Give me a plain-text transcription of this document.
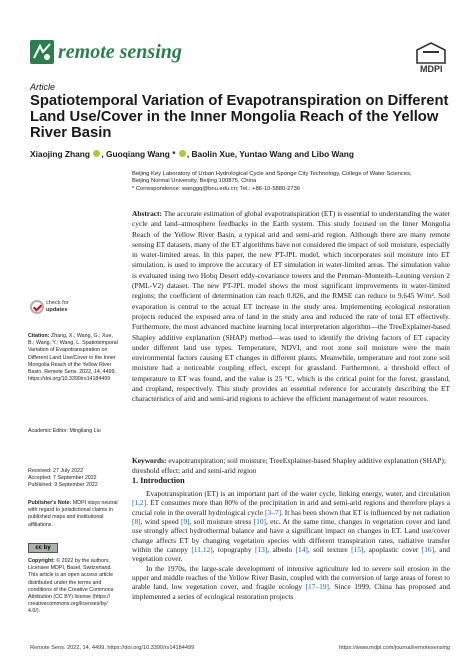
remote sensing
MDPI
Article
Spatiotemporal Variation of Evapotranspiration on Different Land Use/Cover in the Inner Mongolia Reach of the Yellow River Basin
Xiaojing Zhang , Guoqiang Wang * , Baolin Xue, Yuntao Wang and Libo Wang
Beijing Key Laboratory of Urban Hydrological Cycle and Sponge City Technology, College of Water Sciences,
Beijing Normal University, Beijing 100875, China
* Correspondence: wanggq@bnu.edu.cn; Tel.: +86-10-5880-2736
Abstract: The accurate estimation of global evapotranspiration (ET) is essential to understanding the water cycle and land–atmosphere feedbacks in the Earth system. This study focused on the Inner Mongolia Reach of the Yellow River Basin, a typical arid and semi-arid region. Although there are many remote sensing ET datasets, many of the ET algorithms have not considered the impact of soil moisture, especially in water-limited areas. In this paper, the new PT-JPL model, which incorporates soil moisture into ET simulation, is used to improve the accuracy of ET simulation in water-limited areas. The simulation value is evaluated using two Hobq Desert eddy-covariance towers and the Penman–Monteith–Leuning version 2 (PML-V2) dataset. The new PT-JPL model shows the most significant improvements in water-limited regions; the coefficient of determination can reach 0.826, and the RMSE can reduce to 9.645 W/m². Soil evaporation is central to the actual ET increase in the study area. Implementing ecological restoration projects reduced the exposed area of land in the study area and reduced the rate of total ET effectively. Furthermore, the most advanced machine learning local interpretation algorithm—the TreeExplainer-based Shapley additive explanation (SHAP) method—was used to identify the driving factors of ET capacity under different land use types. Temperature, NDVI, and root zone soil moisture were the main environmental factors causing ET changes in different plants. Meanwhile, temperature and root zone soil moisture had a noticeable coupling effect, except for grassland. Furthermore, a threshold effect of temperature to ET was found, and the value is 25 °C, which is the critical point for the forest, grassland, and cropland, respectively. This study provides an essential reference for accurately describing the ET characteristics of arid and semi-arid regions to achieve the efficient management of water resources.
Keywords: evapotranspiration; soil moisture; TreeExplainer-based Shapley additive explanation (SHAP); threshold effect; arid and semi-arid region
1. Introduction
Evapotranspiration (ET) is an important part of the water cycle, linking energy, water, and circulation [1,2]. ET consumes more than 80% of the precipitation in arid and semi-arid regions and therefore plays a crucial role in the overall hydrological cycle [3–7]. It has been shown that ET is influenced by net radiation [8], wind speed [9], soil moisture stress [10], etc. At the same time, changes in vegetation cover and land use strongly affect hydrothermal balance and have a significant impact on changes in ET. Land use/cover change affects ET by changing vegetation species with different transpiration rates, radiative transfer within the canopy [11,12], topography [13], albedo [14], soil texture [15], apoplastic cover [16], and vegetation cover.
In the 1970s, the large-scale development of intensive agriculture led to severe soil erosion in the upper and middle reaches of the Yellow River Basin, coupled with the conversion of large areas of forest to arable land, low vegetation cover, and fragile ecology [17–19]. Since 1999, China has proposed and implemented a series of ecological restoration projects
check for
updates
Citation: Zhang, X.; Wang, G.; Xue, B.; Wang, Y.; Wang, L. Spatiotemporal Variation of Evapotranspiration on Different Land Use/Cover in the Inner Mongolia Reach of the Yellow River Basin. Remote Sens. 2022, 14, 4499. https://doi.org/10.3390/rs14184499
Academic Editor: Mingliang Liu
Received: 27 July 2022
Accepted: 7 September 2022
Published: 9 September 2022
Publisher's Note: MDPI stays neutral with regard to jurisdictional claims in published maps and institutional affiliations.
cc by
Copyright: © 2022 by the authors. Licensee MDPI, Basel, Switzerland. This article is an open access article distributed under the terms and conditions of the Creative Commons Attribution (CC BY) license (https:// creativecommons.org/licenses/by/ 4.0/).
Remote Sens. 2022, 14, 4499. https://doi.org/10.3390/rs14184499	https://www.mdpi.com/journal/remotesensing
